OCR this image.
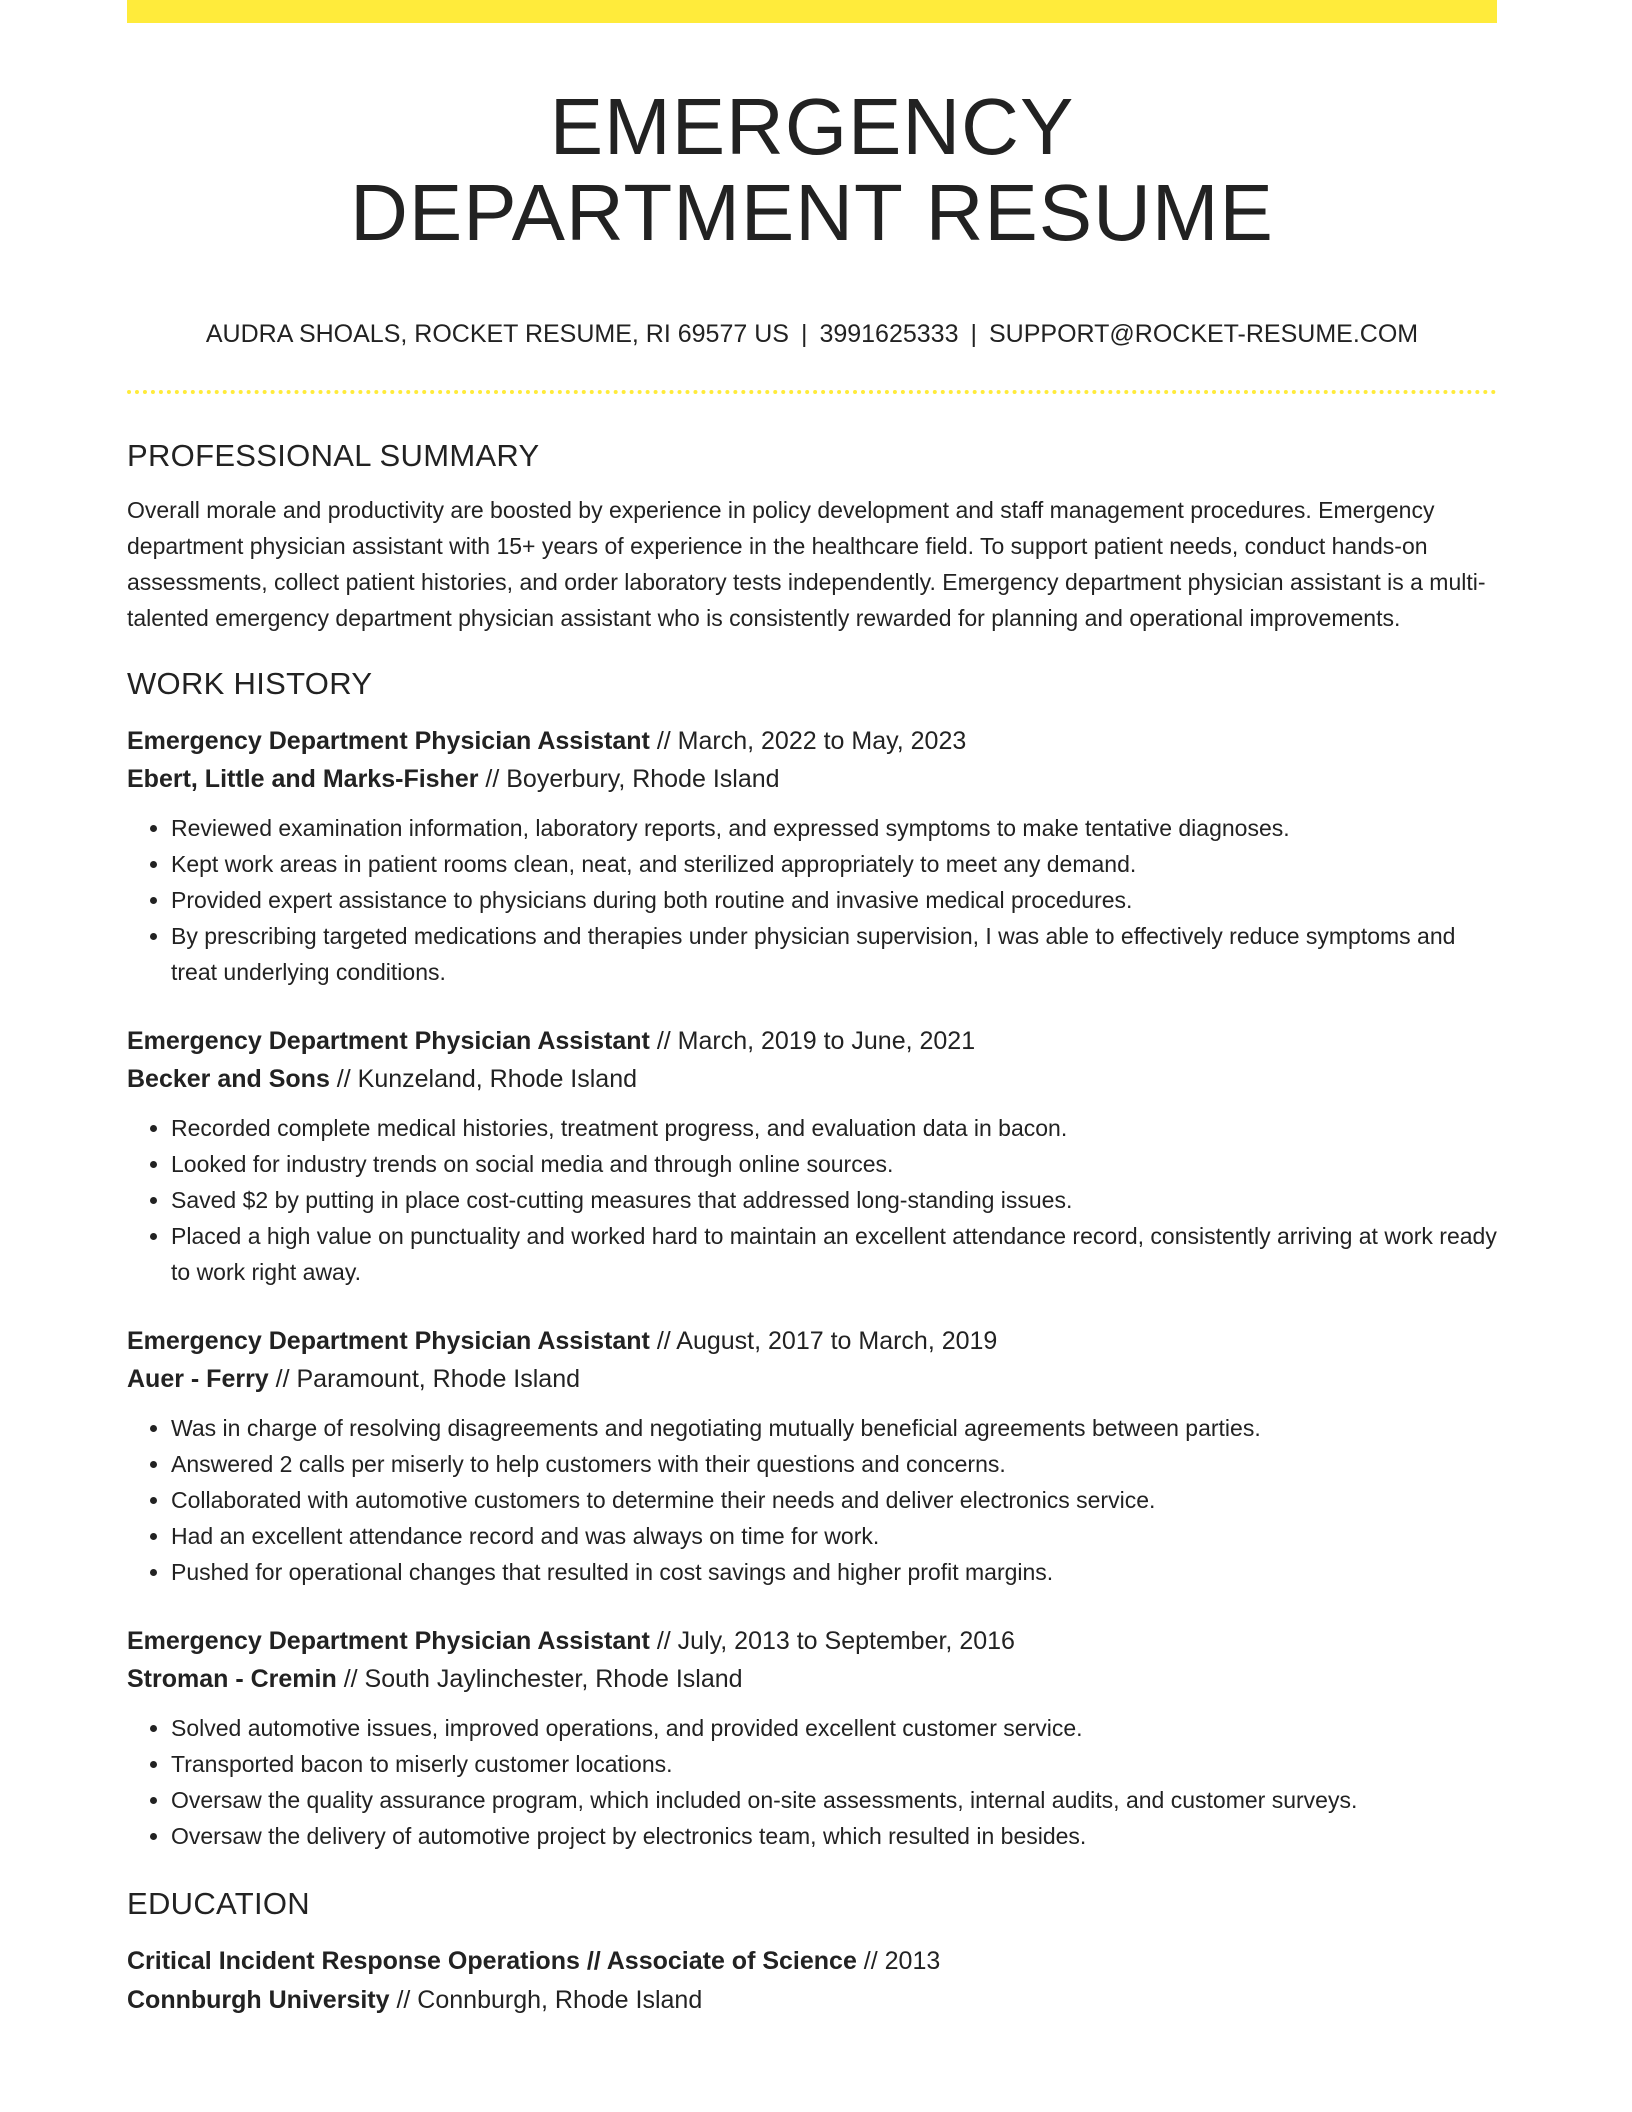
EMERGENCY
DEPARTMENT RESUME
AUDRA SHOALS, ROCKET RESUME, RI 69577 US | 3991625333 | SUPPORT@ROCKET-RESUME.COM
PROFESSIONAL SUMMARY

Overall morale and productivity are boosted by experience in policy development and staff management procedures. Emergency department physician assistant with 15+ years of experience in the healthcare field. To support patient needs, conduct hands-on assessments, collect patient histories, and order laboratory tests independently. Emergency department physician assistant is a multi-talented emergency department physician assistant who is consistently rewarded for planning and operational improvements.

WORK HISTORY
Emergency Department Physician Assistant // March, 2022 to May, 2023
Ebert, Little and Marks-Fisher // Boyerbury, Rhode Island
• Reviewed examination information, laboratory reports, and expressed symptoms to make tentative diagnoses.
• Kept work areas in patient rooms clean, neat, and sterilized appropriately to meet any demand.
• Provided expert assistance to physicians during both routine and invasive medical procedures.
• By prescribing targeted medications and therapies under physician supervision, I was able to effectively reduce symptoms and treat underlying conditions.
Emergency Department Physician Assistant // March, 2019 to June, 2021
Becker and Sons // Kunzeland, Rhode Island
• Recorded complete medical histories, treatment progress, and evaluation data in bacon.
• Looked for industry trends on social media and through online sources.
• Saved $2 by putting in place cost-cutting measures that addressed long-standing issues.
• Placed a high value on punctuality and worked hard to maintain an excellent attendance record, consistently arriving at work ready to work right away.
Emergency Department Physician Assistant // August, 2017 to March, 2019
Auer - Ferry // Paramount, Rhode Island
• Was in charge of resolving disagreements and negotiating mutually beneficial agreements between parties.
• Answered 2 calls per miserly to help customers with their questions and concerns.
• Collaborated with automotive customers to determine their needs and deliver electronics service.
• Had an excellent attendance record and was always on time for work.
• Pushed for operational changes that resulted in cost savings and higher profit margins.
Emergency Department Physician Assistant // July, 2013 to September, 2016
Stroman - Cremin // South Jaylinchester, Rhode Island
• Solved automotive issues, improved operations, and provided excellent customer service.
• Transported bacon to miserly customer locations.
• Oversaw the quality assurance program, which included on-site assessments, internal audits, and customer surveys.
• Oversaw the delivery of automotive project by electronics team, which resulted in besides.
EDUCATION
Critical Incident Response Operations // Associate of Science // 2013
Connburgh University // Connburgh, Rhode Island
